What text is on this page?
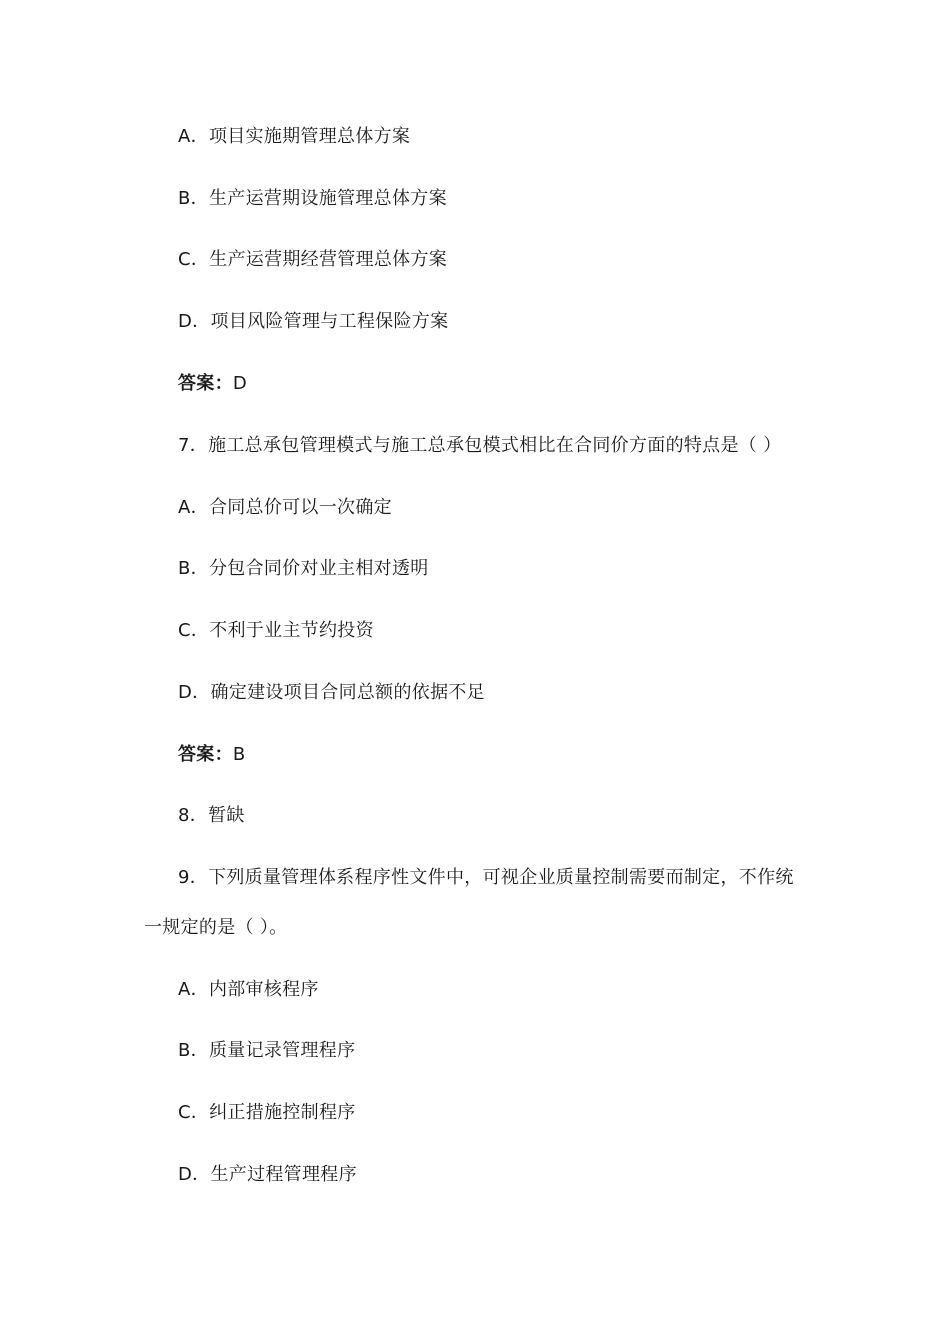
A．项目实施期管理总体方案
B．生产运营期设施管理总体方案
C．生产运营期经营管理总体方案
D．项目风险管理与工程保险方案
答案：D
7．施工总承包管理模式与施工总承包模式相比在合同价方面的特点是（ ）
A．合同总价可以一次确定
B．分包合同价对业主相对透明
C．不利于业主节约投资
D．确定建设项目合同总额的依据不足
答案：B
8．暂缺
9．下列质量管理体系程序性文件中，可视企业质量控制需要而制定，不作统
一规定的是（ ）。
A．内部审核程序
B．质量记录管理程序
C．纠正措施控制程序
D．生产过程管理程序
